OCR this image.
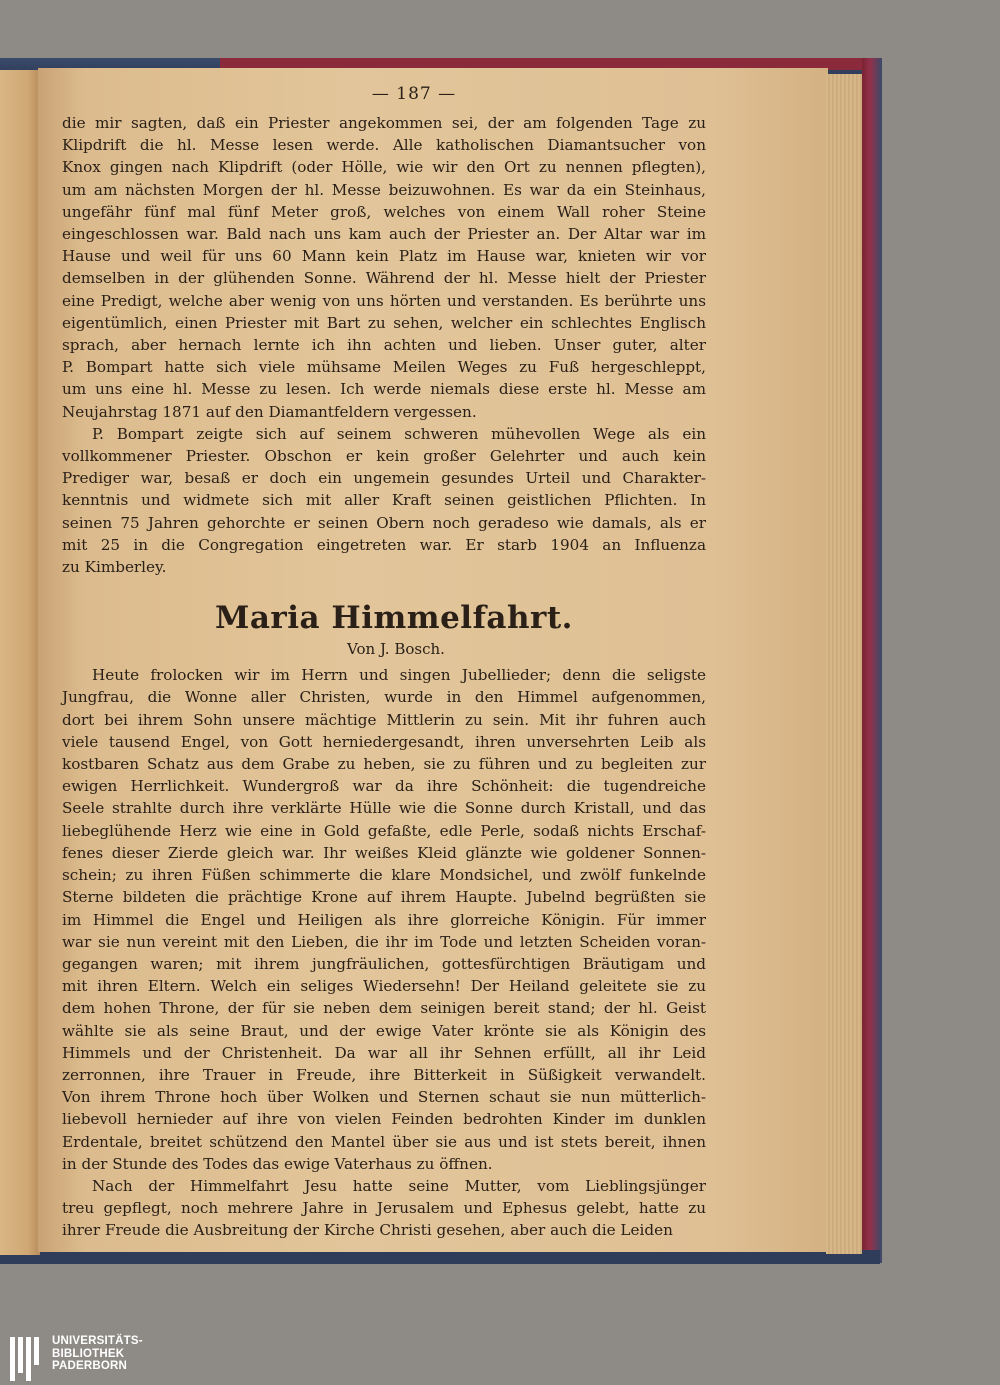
— 187 —
die mir sagten, daß ein Priester angekommen sei, der am folgenden Tage zu
Klipdrift die hl. Messe lesen werde. Alle katholischen Diamantsucher von
Knox gingen nach Klipdrift (oder Hölle, wie wir den Ort zu nennen pflegten),
um am nächsten Morgen der hl. Messe beizuwohnen. Es war da ein Steinhaus,
ungefähr fünf mal fünf Meter groß, welches von einem Wall roher Steine
eingeschlossen war. Bald nach uns kam auch der Priester an. Der Altar war im
Hause und weil für uns 60 Mann kein Platz im Hause war, knieten wir vor
demselben in der glühenden Sonne. Während der hl. Messe hielt der Priester
eine Predigt, welche aber wenig von uns hörten und verstanden. Es berührte uns
eigentümlich, einen Priester mit Bart zu sehen, welcher ein schlechtes Englisch
sprach, aber hernach lernte ich ihn achten und lieben. Unser guter, alter
P. Bompart hatte sich viele mühsame Meilen Weges zu Fuß hergeschleppt,
um uns eine hl. Messe zu lesen. Ich werde niemals diese erste hl. Messe am
Neujahrstag 1871 auf den Diamantfeldern vergessen.
P. Bompart zeigte sich auf seinem schweren mühevollen Wege als ein
vollkommener Priester. Obschon er kein großer Gelehrter und auch kein
Prediger war, besaß er doch ein ungemein gesundes Urteil und Charakter-
kenntnis und widmete sich mit aller Kraft seinen geistlichen Pflichten. In
seinen 75 Jahren gehorchte er seinen Obern noch geradeso wie damals, als er
mit 25 in die Congregation eingetreten war. Er starb 1904 an Influenza
zu Kimberley.
Maria Himmelfahrt.
Von J. Bosch.
Heute frolocken wir im Herrn und singen Jubellieder; denn die seligste
Jungfrau, die Wonne aller Christen, wurde in den Himmel aufgenommen,
dort bei ihrem Sohn unsere mächtige Mittlerin zu sein. Mit ihr fuhren auch
viele tausend Engel, von Gott herniedergesandt, ihren unversehrten Leib als
kostbaren Schatz aus dem Grabe zu heben, sie zu führen und zu begleiten zur
ewigen Herrlichkeit. Wundergroß war da ihre Schönheit: die tugendreiche
Seele strahlte durch ihre verklärte Hülle wie die Sonne durch Kristall, und das
liebeglühende Herz wie eine in Gold gefaßte, edle Perle, sodaß nichts Erschaf-
fenes dieser Zierde gleich war. Ihr weißes Kleid glänzte wie goldener Sonnen-
schein; zu ihren Füßen schimmerte die klare Mondsichel, und zwölf funkelnde
Sterne bildeten die prächtige Krone auf ihrem Haupte. Jubelnd begrüßten sie
im Himmel die Engel und Heiligen als ihre glorreiche Königin. Für immer
war sie nun vereint mit den Lieben, die ihr im Tode und letzten Scheiden voran-
gegangen waren; mit ihrem jungfräulichen, gottesfürchtigen Bräutigam und
mit ihren Eltern. Welch ein seliges Wiedersehn! Der Heiland geleitete sie zu
dem hohen Throne, der für sie neben dem seinigen bereit stand; der hl. Geist
wählte sie als seine Braut, und der ewige Vater krönte sie als Königin des
Himmels und der Christenheit. Da war all ihr Sehnen erfüllt, all ihr Leid
zerronnen, ihre Trauer in Freude, ihre Bitterkeit in Süßigkeit verwandelt.
Von ihrem Throne hoch über Wolken und Sternen schaut sie nun mütterlich-
liebevoll hernieder auf ihre von vielen Feinden bedrohten Kinder im dunklen
Erdentale, breitet schützend den Mantel über sie aus und ist stets bereit, ihnen
in der Stunde des Todes das ewige Vaterhaus zu öffnen.
Nach der Himmelfahrt Jesu hatte seine Mutter, vom Lieblingsjünger
treu gepflegt, noch mehrere Jahre in Jerusalem und Ephesus gelebt, hatte zu
ihrer Freude die Ausbreitung der Kirche Christi gesehen, aber auch die Leiden
UNIVERSITÄTS-
BIBLIOTHEK
PADERBORN
